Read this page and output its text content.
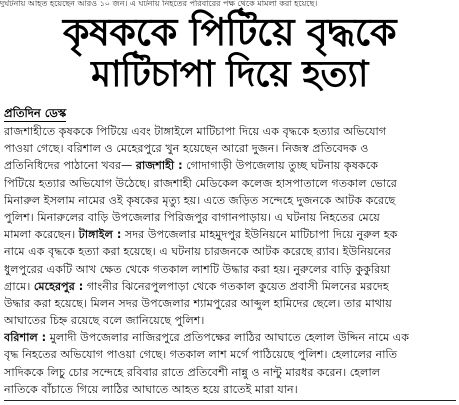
দুর্ঘটনায় আহত হয়েছেন আরও ১০ জন। এ ঘটনায় নিহতের পরিবারের পক্ষ থেকে মামলা করা হয়েছে।
কৃষককে পিটিয়ে বৃদ্ধকে
মাটিচাপা দিয়ে হত্যা
প্রতিদিন ডেস্ক
রাজশাহীতে কৃষককে পিটিয়ে এবং টাঙ্গাইলে মাটিচাপা দিয়ে এক বৃদ্ধকে হত্যার অভিযোগ
পাওয়া গেছে। বরিশাল ও মেহেরপুরে খুন হয়েছেন আরো দুজন। নিজস্ব প্রতিবেদক ও
প্রতিনিধিদের পাঠানো খবর— রাজশাহী : গোদাগাড়ী উপজেলায় তুচ্ছ ঘটনায় কৃষককে
পিটিয়ে হত্যার অভিযোগ উঠেছে। রাজশাহী মেডিকেল কলেজ হাসপাতালে গতকাল ভোরে
মিনারুল ইসলাম নামের ওই কৃষকের মৃত্যু হয়। এতে জড়িত সন্দেহে দুজনকে আটক করেছে
পুলিশ। মিনারুলের বাড়ি উপজেলার পিরিজপুর বাগানপাড়ায়। এ ঘটনায় নিহতের মেয়ে
মামলা করেছেন। টাঙ্গাইল : সদর উপজেলার মাহমুদপুর ইউনিয়নে মাটিচাপা দিয়ে নুরুল হক
নামে এক বৃদ্ধকে হত্যা করা হয়েছে। এ ঘটনায় চারজনকে আটক করেছে র‌্যাব। ইউনিয়নের
ধুলপুরের একটি আখ ক্ষেত থেকে গতকাল লাশটি উদ্ধার করা হয়। নুরুলের বাড়ি কুকুরিয়া
গ্রামে। মেহেরপুর : গাংনীর ঝিনেরপুলপাড়া থেকে গতকাল কুয়েত প্রবাসী মিলনের মরদেহ
উদ্ধার করা হয়েছে। মিলন সদর উপজেলার শ্যামপুরের আব্দুল হামিদের ছেলে। তার মাথায়
আঘাতের চিহ্ন রয়েছে বলে জানিয়েছে পুলিশ।
বরিশাল : মুলাদী উপজেলার নাজিরপুরে প্রতিপক্ষের লাঠির আঘাতে হেলাল উদ্দিন নামে এক
বৃদ্ধ নিহতের অভিযোগ পাওয়া গেছে। গতকাল লাশ মর্গে পাঠিয়েছে পুলিশ। হেলালের নাতি
সাদিককে লিচু চোর সন্দেহে রবিবার রাতে প্রতিবেশী নান্নু ও নান্টু মারধর করেন। হেলাল
নাতিকে বাঁচাতে গিয়ে লাঠির আঘাতে আহত হয়ে রাতেই মারা যান।
